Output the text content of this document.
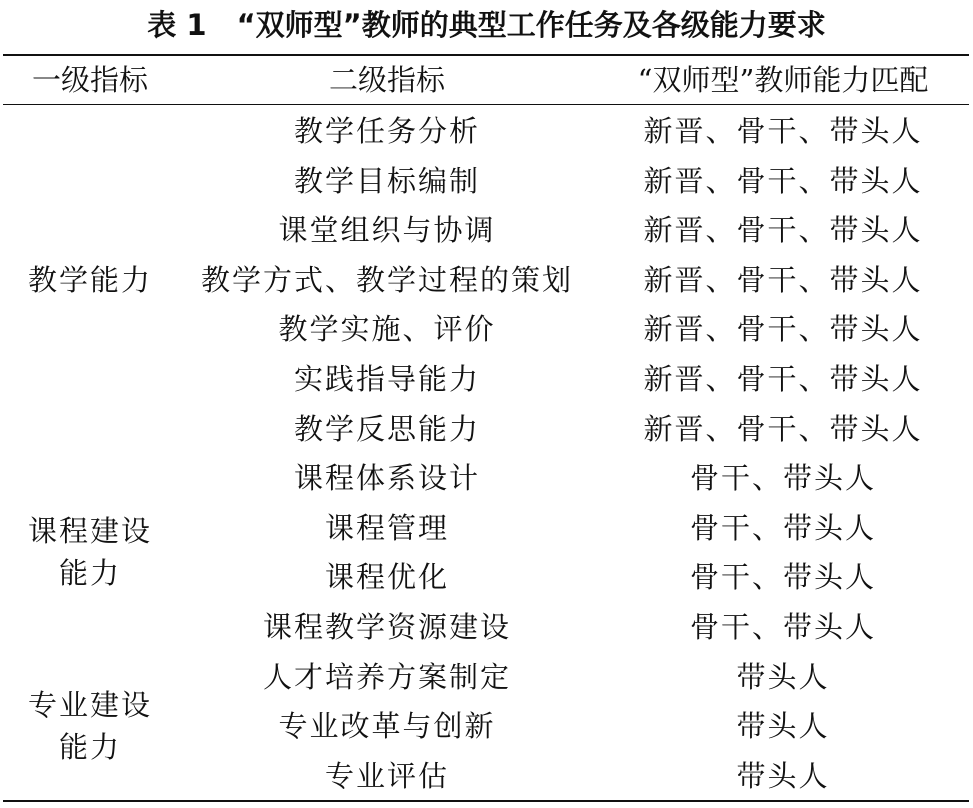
表 1 “双师型”教师的典型工作任务及各级能力要求
一级指标	二级指标	“双师型”教师能力匹配
教学能力
教学任务分析	新晋、骨干、带头人
教学目标编制	新晋、骨干、带头人
课堂组织与协调	新晋、骨干、带头人
教学方式、教学过程的策划	新晋、骨干、带头人
教学实施、评价	新晋、骨干、带头人
实践指导能力	新晋、骨干、带头人
教学反思能力	新晋、骨干、带头人
课程建设
能力
课程体系设计	骨干、带头人
课程管理	骨干、带头人
课程优化	骨干、带头人
课程教学资源建设	骨干、带头人
专业建设
能力
人才培养方案制定	带头人
专业改革与创新	带头人
专业评估	带头人
